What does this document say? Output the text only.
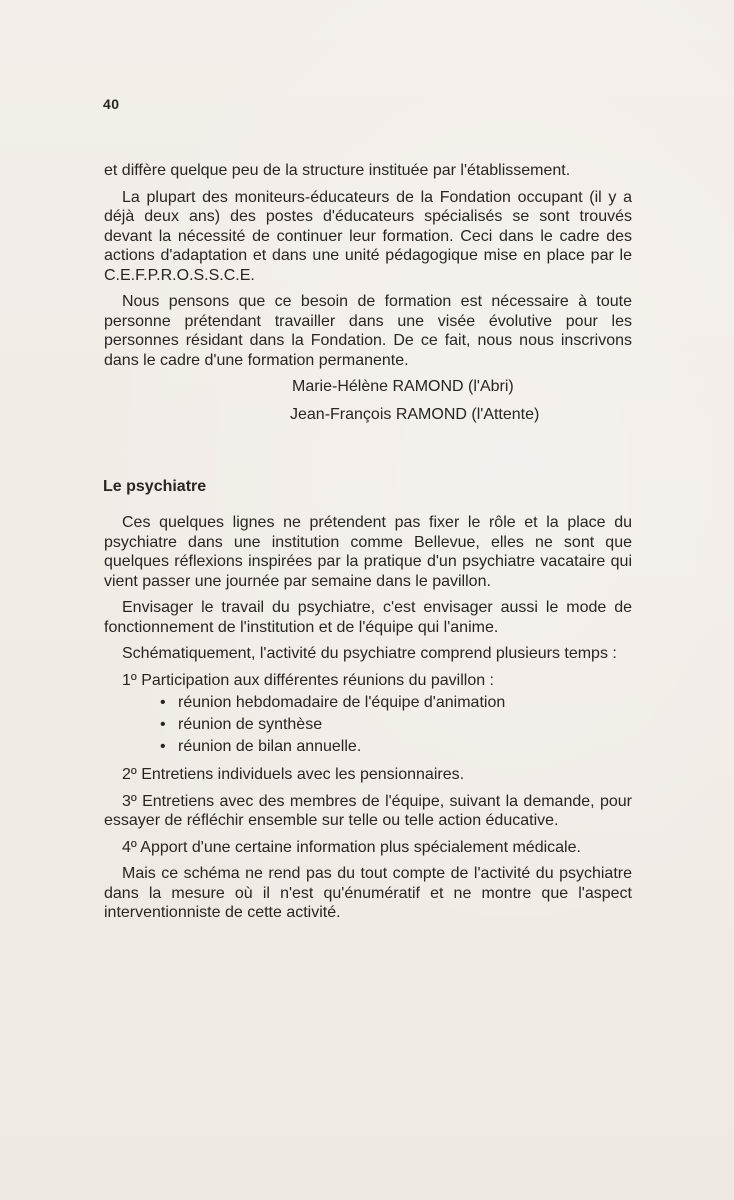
40

et diffère quelque peu de la structure instituée par l'établissement.

La plupart des moniteurs-éducateurs de la Fondation occupant (il y a déjà deux ans) des postes d'éducateurs spécialisés se sont trouvés devant la nécessité de continuer leur formation. Ceci dans le cadre des actions d'adaptation et dans une unité pédagogique mise en place par le C.E.F.P.R.O.S.S.C.E.

Nous pensons que ce besoin de formation est nécessaire à toute personne prétendant travailler dans une visée évolutive pour les personnes résidant dans la Fondation. De ce fait, nous nous inscrivons dans le cadre d'une formation permanente.

Marie-Hélène RAMOND (l'Abri)

Jean-François RAMOND (l'Attente)

Le psychiatre

Ces quelques lignes ne prétendent pas fixer le rôle et la place du psychiatre dans une institution comme Bellevue, elles ne sont que quelques réflexions inspirées par la pratique d'un psychiatre vacataire qui vient passer une journée par semaine dans le pavillon.

Envisager le travail du psychiatre, c'est envisager aussi le mode de fonctionnement de l'institution et de l'équipe qui l'anime.

Schématiquement, l'activité du psychiatre comprend plusieurs temps :

1º Participation aux différentes réunions du pavillon :

• réunion hebdomadaire de l'équipe d'animation
• réunion de synthèse
• réunion de bilan annuelle.

2º Entretiens individuels avec les pensionnaires.

3º Entretiens avec des membres de l'équipe, suivant la demande, pour essayer de réfléchir ensemble sur telle ou telle action éducative.

4º Apport d'une certaine information plus spécialement médicale.

Mais ce schéma ne rend pas du tout compte de l'activité du psychiatre dans la mesure où il n'est qu'énumératif et ne montre que l'aspect interventionniste de cette activité.
